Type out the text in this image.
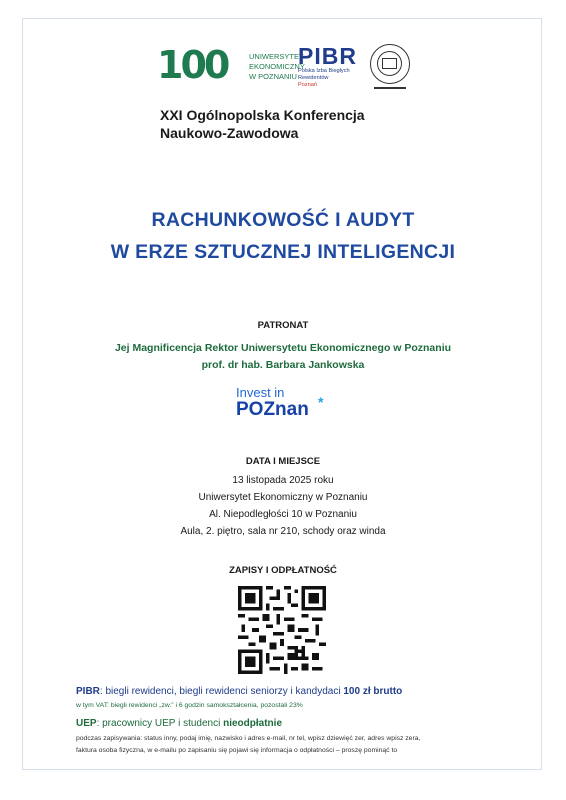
100	UNIWERSYTET
EKONOMICZNY
W POZNANIU
PIBR
Polska Izba Biegłych
Rewidentów
Poznań
XXI Ogólnopolska Konferencja
Naukowo-Zawodowa
RACHUNKOWOŚĆ I AUDYT
W ERZE SZTUCZNEJ INTELIGENCJI
PATRONAT
Jej Magnificencja Rektor Uniwersytetu Ekonomicznego w Poznaniu
prof. dr hab. Barbara Jankowska
Invest in
POZnan *
DATA I MIEJSCE
13 listopada 2025 roku
Uniwersytet Ekonomiczny w Poznaniu
Al. Niepodległości 10 w Poznaniu
Aula, 2. piętro, sala nr 210, schody oraz winda
ZAPISY I ODPŁATNOŚĆ
PIBR: biegli rewidenci, biegli rewidenci seniorzy i kandydaci 100 zł brutto
w tym VAT: biegli rewidenci „zw.” i 6 godzin samokształcenia, pozostali 23%
UEP: pracownicy UEP i studenci nieodpłatnie
podczas zapisywania: status inny, podaj imię, nazwisko i adres e-mail, nr tel, wpisz dziewięć zer, adres wpisz zera,
faktura osoba fizyczna, w e-mailu po zapisaniu się pojawi się informacja o odpłatności – proszę pominąć to
